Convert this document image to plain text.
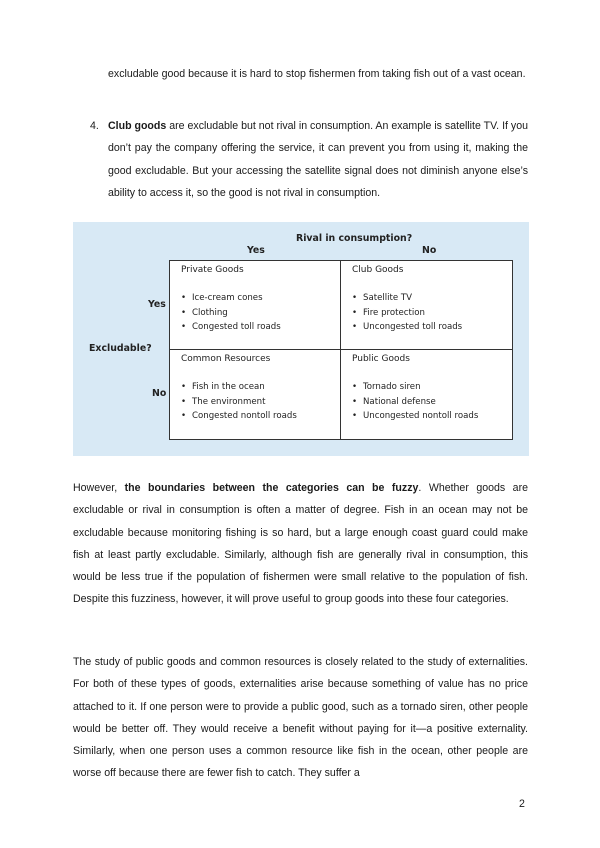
excludable good because it is hard to stop fishermen from taking fish out of a vast ocean.

4. Club goods are excludable but not rival in consumption. An example is satellite TV. If you don’t pay the company offering the service, it can prevent you from using it, making the good excludable. But your accessing the satellite signal does not diminish anyone else’s ability to access it, so the good is not rival in consumption.

Rival in consumption?
Yes	No
Yes
Excludable?
No
Private Goods
• Ice-cream cones
• Clothing
• Congested toll roads
Club Goods
• Satellite TV
• Fire protection
• Uncongested toll roads
Common Resources
• Fish in the ocean
• The environment
• Congested nontoll roads
Public Goods
• Tornado siren
• National defense
• Uncongested nontoll roads

However, the boundaries between the categories can be fuzzy. Whether goods are excludable or rival in consumption is often a matter of degree. Fish in an ocean may not be excludable because monitoring fishing is so hard, but a large enough coast guard could make fish at least partly excludable. Similarly, although fish are generally rival in consumption, this would be less true if the population of fishermen were small relative to the population of fish. Despite this fuzziness, however, it will prove useful to group goods into these four categories.

The study of public goods and common resources is closely related to the study of externalities. For both of these types of goods, externalities arise because something of value has no price attached to it. If one person were to provide a public good, such as a tornado siren, other people would be better off. They would receive a benefit without paying for it—a positive externality. Similarly, when one person uses a common resource like fish in the ocean, other people are worse off because there are fewer fish to catch. They suffer a

2
